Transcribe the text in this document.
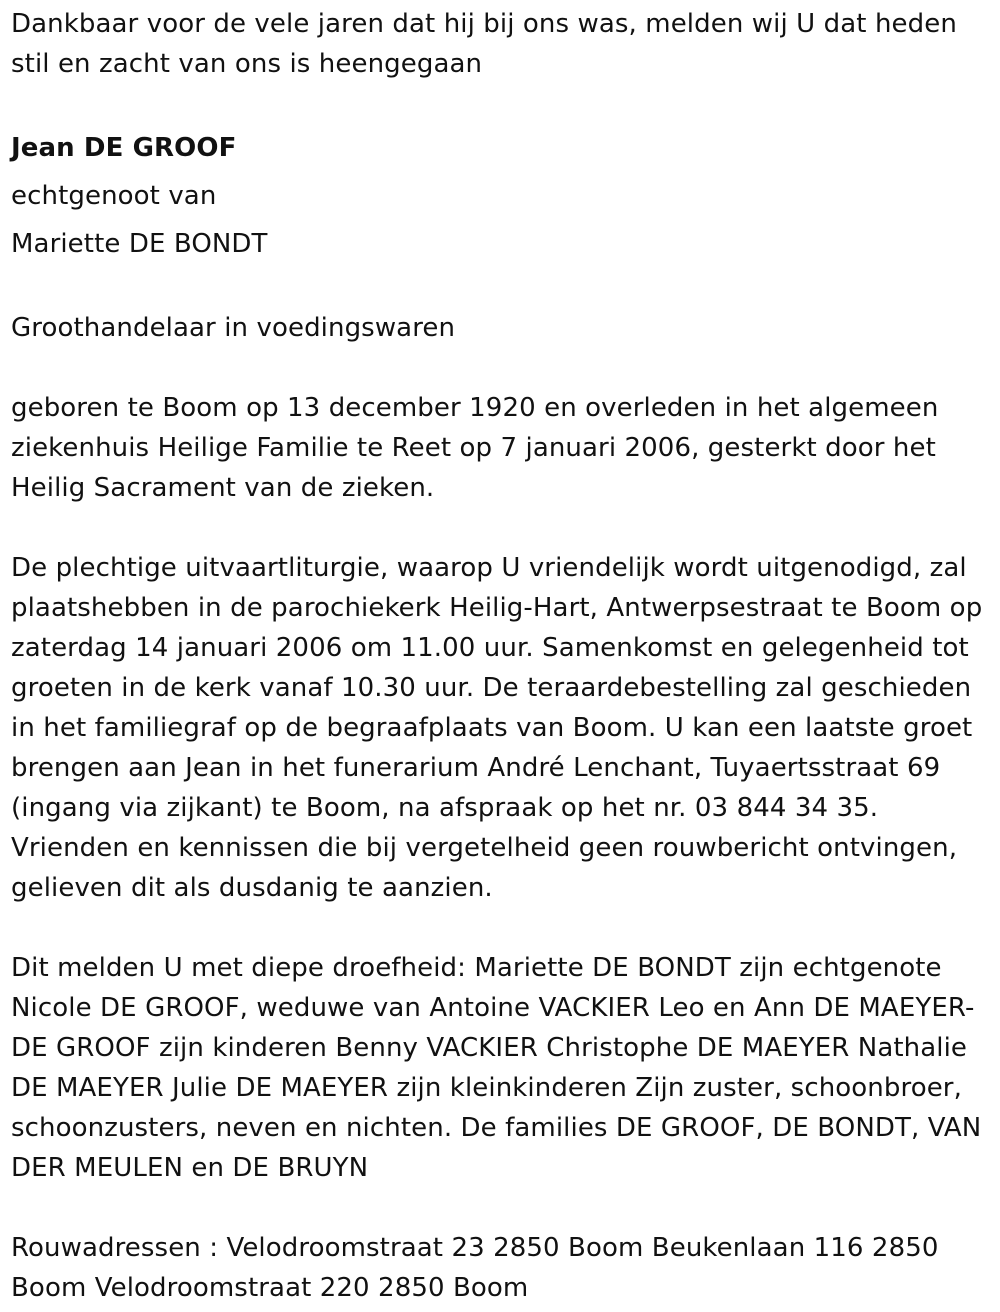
Dankbaar voor de vele jaren dat hij bij ons was, melden wij U dat heden stil en zacht van ons is heengegaan

Jean DE GROOF

echtgenoot van

Mariette DE BONDT

Groothandelaar in voedingswaren

geboren te Boom op 13 december 1920 en overleden in het algemeen ziekenhuis Heilige Familie te Reet op 7 januari 2006, gesterkt door het Heilig Sacrament van de zieken.

De plechtige uitvaartliturgie, waarop U vriendelijk wordt uitgenodigd, zal plaatshebben in de parochiekerk Heilig-Hart, Antwerpsestraat te Boom op zaterdag 14 januari 2006 om 11.00 uur. Samenkomst en gelegenheid tot groeten in de kerk vanaf 10.30 uur. De teraardebestelling zal geschieden in het familiegraf op de begraafplaats van Boom. U kan een laatste groet brengen aan Jean in het funerarium André Lenchant, Tuyaertsstraat 69 (ingang via zijkant) te Boom, na afspraak op het nr. 03 844 34 35. Vrienden en kennissen die bij vergetelheid geen rouwbericht ontvingen, gelieven dit als dusdanig te aanzien.

Dit melden U met diepe droefheid: Mariette DE BONDT zijn echtgenote Nicole DE GROOF, weduwe van Antoine VACKIER Leo en Ann DE MAEYER-DE GROOF zijn kinderen Benny VACKIER Christophe DE MAEYER Nathalie DE MAEYER Julie DE MAEYER zijn kleinkinderen Zijn zuster, schoonbroer, schoonzusters, neven en nichten. De families DE GROOF, DE BONDT, VAN DER MEULEN en DE BRUYN

Rouwadressen : Velodroomstraat 23 2850 Boom Beukenlaan 116 2850 Boom Velodroomstraat 220 2850 Boom
